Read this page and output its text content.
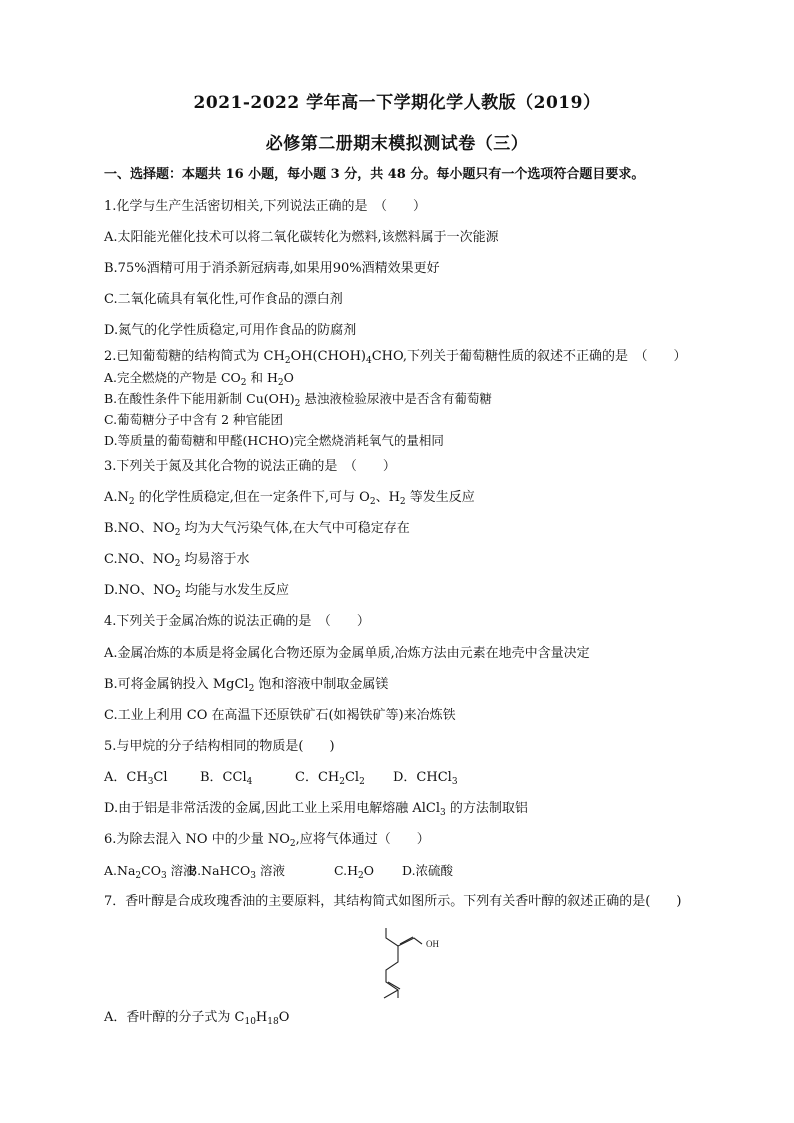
2021-2022 学年高一下学期化学人教版（2019）
必修第二册期末模拟测试卷（三）
一、选择题：本题共 16 小题，每小题 3 分，共 48 分。每小题只有一个选项符合题目要求。
1.化学与生产生活密切相关,下列说法正确的是　（　　）
A.太阳能光催化技术可以将二氧化碳转化为燃料,该燃料属于一次能源
B.75%酒精可用于消杀新冠病毒,如果用90%酒精效果更好
C.二氧化硫具有氧化性,可作食品的漂白剂
D.氮气的化学性质稳定,可用作食品的防腐剂
2.已知葡萄糖的结构简式为 $CH_2OH(CHOH)_4CHO$,下列关于葡萄糖性质的叙述不正确的是　（　　）
A.完全燃烧的产物是 $CO_2$ 和 $H_2O$
B.在酸性条件下能用新制 $Cu(OH)_2$ 悬浊液检验尿液中是否含有葡萄糖
C.葡萄糖分子中含有 2 种官能团
D.等质量的葡萄糖和甲醛(HCHO)完全燃烧消耗氧气的量相同
3.下列关于氮及其化合物的说法正确的是　（　　）
$A.N_2$ 的化学性质稳定,但在一定条件下,可与 $O_2$、$H_2$ 等发生反应
B.NO、$NO_2$ 均为大气污染气体,在大气中可稳定存在
C.NO、$NO_2$ 均易溶于水
D.NO、$NO_2$ 均能与水发生反应
4.下列关于金属冶炼的说法正确的是　（　　）
A.金属冶炼的本质是将金属化合物还原为金属单质,冶炼方法由元素在地壳中含量决定
B.可将金属钠投入 MgCl$_2$ 饱和溶液中制取金属镁
C.工业上利用 CO 在高温下还原铁矿石(如褐铁矿等)来冶炼铁
5.与甲烷的分子结构相同的物质是(　　)
A．$CH_3Cl$ B．CCl$_4$	C．$CH_2Cl_2$ D．CHCl$_3$
D.由于铝是非常活泼的金属,因此工业上采用电解熔融 AlCl$_3$ 的方法制取铝
6.为除去混入 NO 中的少量 $NO_2$,应将气体通过（　　）
$A.Na_2CO_3$ 溶液B.NaHCO$_3$ 溶液	$C.H_2O$ D.浓硫酸
7．香叶醇是合成玫瑰香油的主要原料，其结构简式如图所示。下列有关香叶醇的叙述正确的是(　　)
OH
A．香叶醇的分子式为 $C_{10}H_{18}O$
